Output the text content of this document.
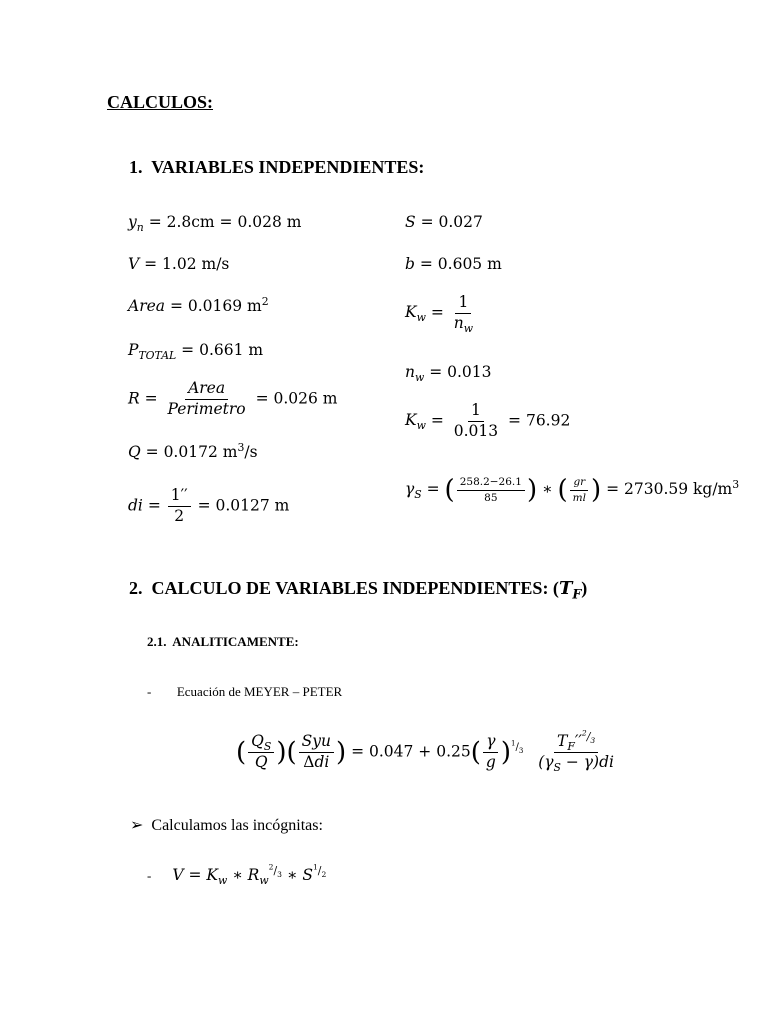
CALCULOS:
1. VARIABLES INDEPENDIENTES:
$y_n = 2.8cm = 0.028$ m
V = 1.02 m/s
Area = 0.0169 $m^2$
$P_{TOTAL} = 0.661$ m
$R = \frac{\text{Area}}{\text{Perimetro}} = 0.026$ m
Q = 0.0172 $m^3/s$
di = $\frac{1''}{2} = 0.0127$ m
S = 0.027
b = 0.605 m
$K_w = \frac{1}{n_w}$
$n_w = 0.013$
$K_w = \frac{1}{0.013} = 76.92$
$\gamma_S$ = ( $\frac{258.2-26.1}{85}$ ) ∗ ( $\frac{gr}{ml}$ ) = 2730.59 $kg/m^3$
2. CALCULO DE VARIABLES INDEPENDIENTES: $(T_F)$
2.1. ANALITICAMENTE:
- Ecuación de MEYER – PETER
( $\frac{Q_S}{Q}$ )( $\frac{\text{Syu}}{\text{Δdi}}$ ) = $0.047 + 0.25( \frac{\gamma}{g} )^{^1/_3} \frac{T_F''^{^2/_3}}{(\gamma_S - \gamma)di}$
➢ Calculamos las incógnitas:
- $V = K_w$ ∗ $R_w^{^2/_3}$ ∗ $S^{^1/_2}$
